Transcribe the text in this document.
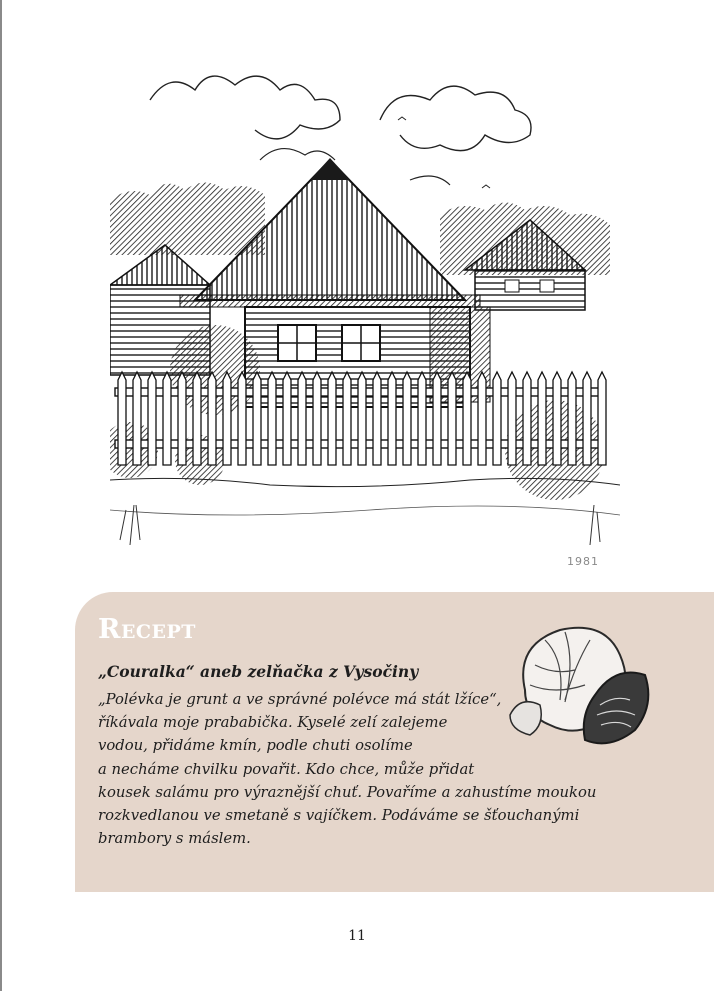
1981
Recept
„Couralka“ aneb zelňačka z Vysočiny

„Polévka je grunt a ve správné polévce má stát lžíce“,
říkávala moje prababička. Kyselé zelí zalejeme
vodou, přidáme kmín, podle chuti osolíme
a necháme chvilku povařit. Kdo chce, může přidat
kousek salámu pro výraznější chuť. Povaříme a zahustíme moukou
rozkvedlanou ve smetaně s vajíčkem. Podáváme se šťouchanými
brambory s máslem.

11
